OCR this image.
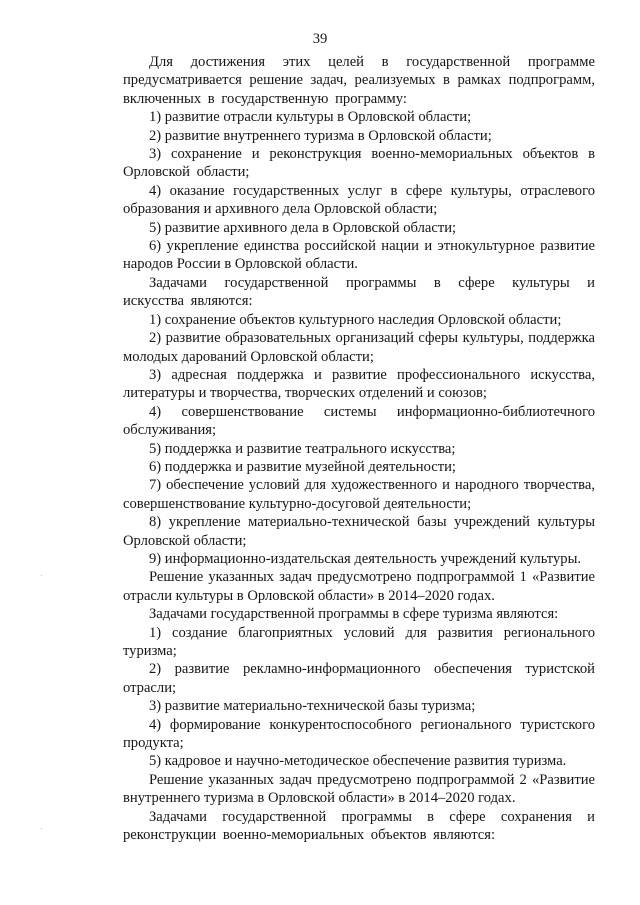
39

Для достижения этих целей в государственной программе предусматривается решение задач, реализуемых в рамках подпрограмм, включенных в государственную программу:

1) развитие отрасли культуры в Орловской области;

2) развитие внутреннего туризма в Орловской области;

3) сохранение и реконструкция военно-мемориальных объектов в Орловской области;

4) оказание государственных услуг в сфере культуры, отраслевого образования и архивного дела Орловской области;

5) развитие архивного дела в Орловской области;

6) укрепление единства российской нации и этнокультурное развитие народов России в Орловской области.

Задачами государственной программы в сфере культуры и искусства являются:

1) сохранение объектов культурного наследия Орловской области;

2) развитие образовательных организаций сферы культуры, поддержка молодых дарований Орловской области;

3) адресная поддержка и развитие профессионального искусства, литературы и творчества, творческих отделений и союзов;

4) совершенствование системы информационно-библиотечного обслуживания;

5) поддержка и развитие театрального искусства;

6) поддержка и развитие музейной деятельности;

7) обеспечение условий для художественного и народного творчества, совершенствование культурно-досуговой деятельности;

8) укрепление материально-технической базы учреждений культуры Орловской области;

9) информационно-издательская деятельность учреждений культуры.

Решение указанных задач предусмотрено подпрограммой 1 «Развитие отрасли культуры в Орловской области» в 2014–2020 годах.

Задачами государственной программы в сфере туризма являются:

1) создание благоприятных условий для развития регионального туризма;

2) развитие рекламно-информационного обеспечения туристской отрасли;

3) развитие материально-технической базы туризма;

4) формирование конкурентоспособного регионального туристского продукта;

5) кадровое и научно-методическое обеспечение развития туризма.

Решение указанных задач предусмотрено подпрограммой 2 «Развитие внутреннего туризма в Орловской области» в 2014–2020 годах.

Задачами государственной программы в сфере сохранения и реконструкции военно-мемориальных объектов являются:
